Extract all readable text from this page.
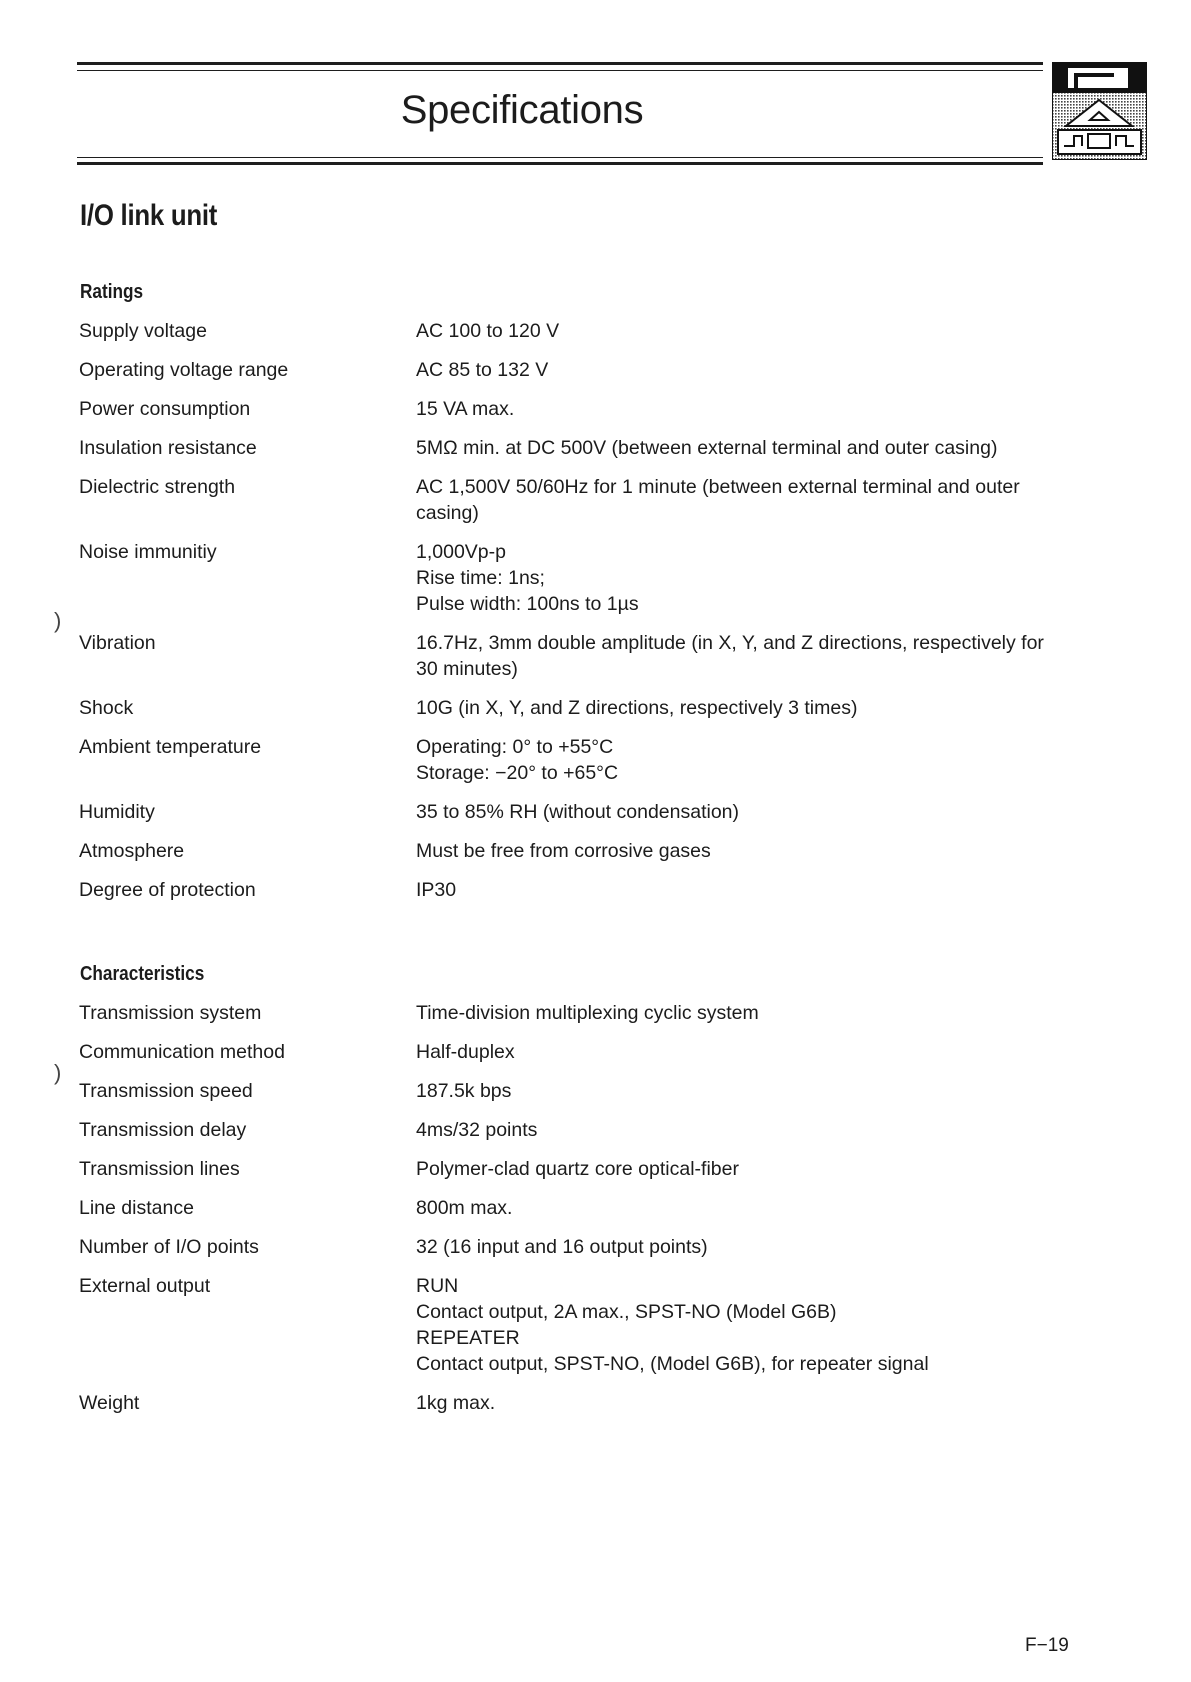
Specifications
I/O link unit
Ratings
Supply voltage	AC 100 to 120 V
Operating voltage range	AC 85 to 132 V
Power consumption	15 VA max.
Insulation resistance	5MΩ min. at DC 500V (between external terminal and outer casing)
Dielectric strength	AC 1,500V 50/60Hz for 1 minute (between external terminal and outer casing)
Noise immunitiy	1,000Vp-p
Rise time: 1ns;
Pulse width: 100ns to 1µs
Vibration	16.7Hz, 3mm double amplitude (in X, Y, and Z directions, respectively for 30 minutes)
Shock	10G (in X, Y, and Z directions, respectively 3 times)
Ambient temperature	Operating: 0° to +55°C
Storage: −20° to +65°C
Humidity	35 to 85% RH (without condensation)
Atmosphere	Must be free from corrosive gases
Degree of protection	IP30
Characteristics
Transmission system	Time-division multiplexing cyclic system
Communication method	Half-duplex
Transmission speed	187.5k bps
Transmission delay	4ms/32 points
Transmission lines	Polymer-clad quartz core optical-fiber
Line distance	800m max.
Number of I/O points	32 (16 input and 16 output points)
External output	RUN
Contact output, 2A max., SPST-NO (Model G6B)
REPEATER
Contact output, SPST-NO, (Model G6B), for repeater signal
Weight	1kg max.
)
)
F−19
